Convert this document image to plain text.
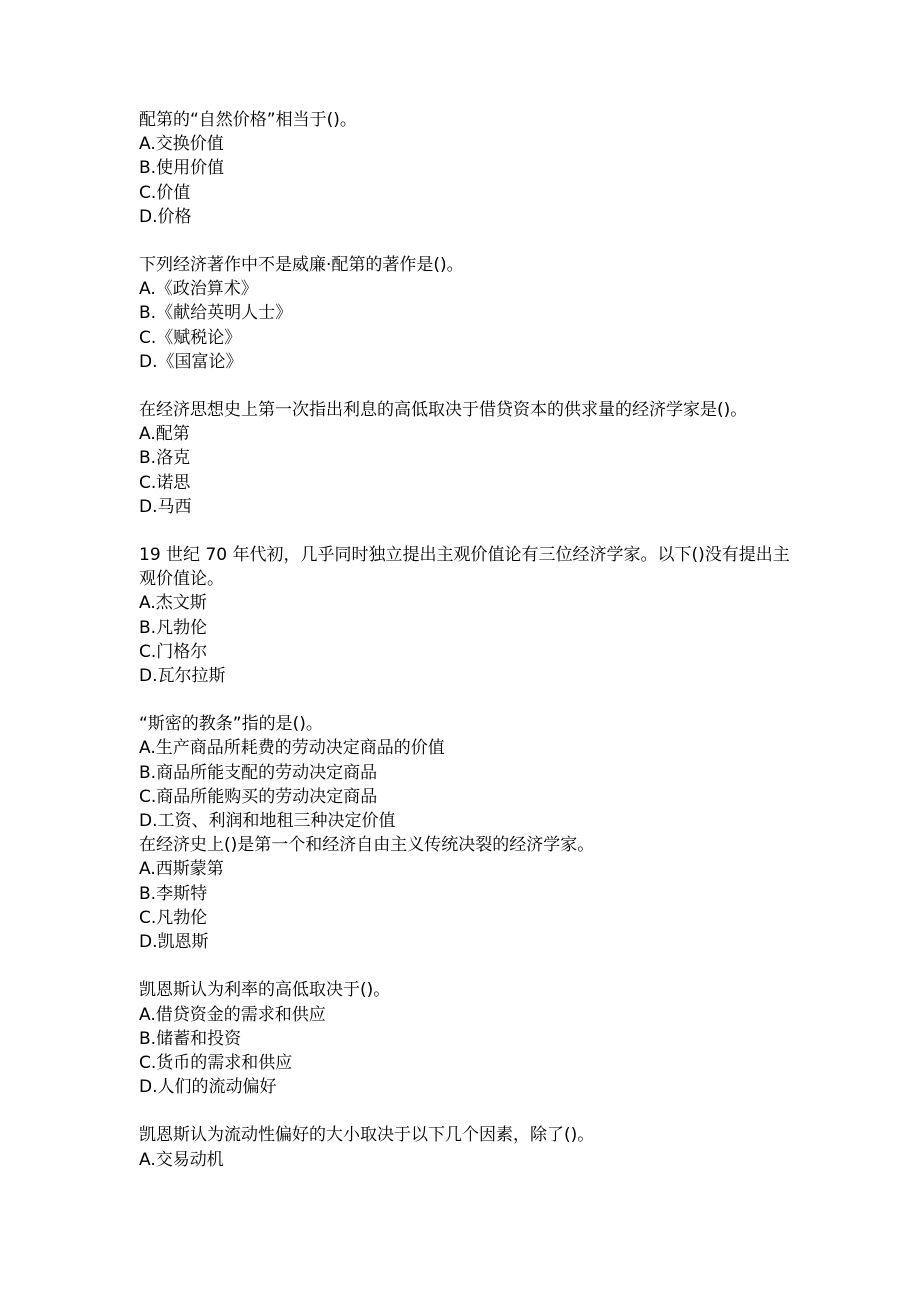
配第的“自然价格”相当于()。
A.交换价值
B.使用价值
C.价值
D.价格
下列经济著作中不是威廉·配第的著作是()。
A.《政治算术》
B.《献给英明人士》
C.《赋税论》
D.《国富论》
在经济思想史上第一次指出利息的高低取决于借贷资本的供求量的经济学家是()。
A.配第
B.洛克
C.诺思
D.马西
19 世纪 70 年代初，几乎同时独立提出主观价值论有三位经济学家。以下()没有提出主观价值论。
A.杰文斯
B.凡勃伦
C.门格尔
D.瓦尔拉斯
“斯密的教条”指的是()。
A.生产商品所耗费的劳动决定商品的价值
B.商品所能支配的劳动决定商品
C.商品所能购买的劳动决定商品
D.工资、利润和地租三种决定价值
在经济史上()是第一个和经济自由主义传统决裂的经济学家。
A.西斯蒙第
B.李斯特
C.凡勃伦
D.凯恩斯
凯恩斯认为利率的高低取决于()。
A.借贷资金的需求和供应
B.储蓄和投资
C.货币的需求和供应
D.人们的流动偏好
凯恩斯认为流动性偏好的大小取决于以下几个因素，除了()。
A.交易动机
